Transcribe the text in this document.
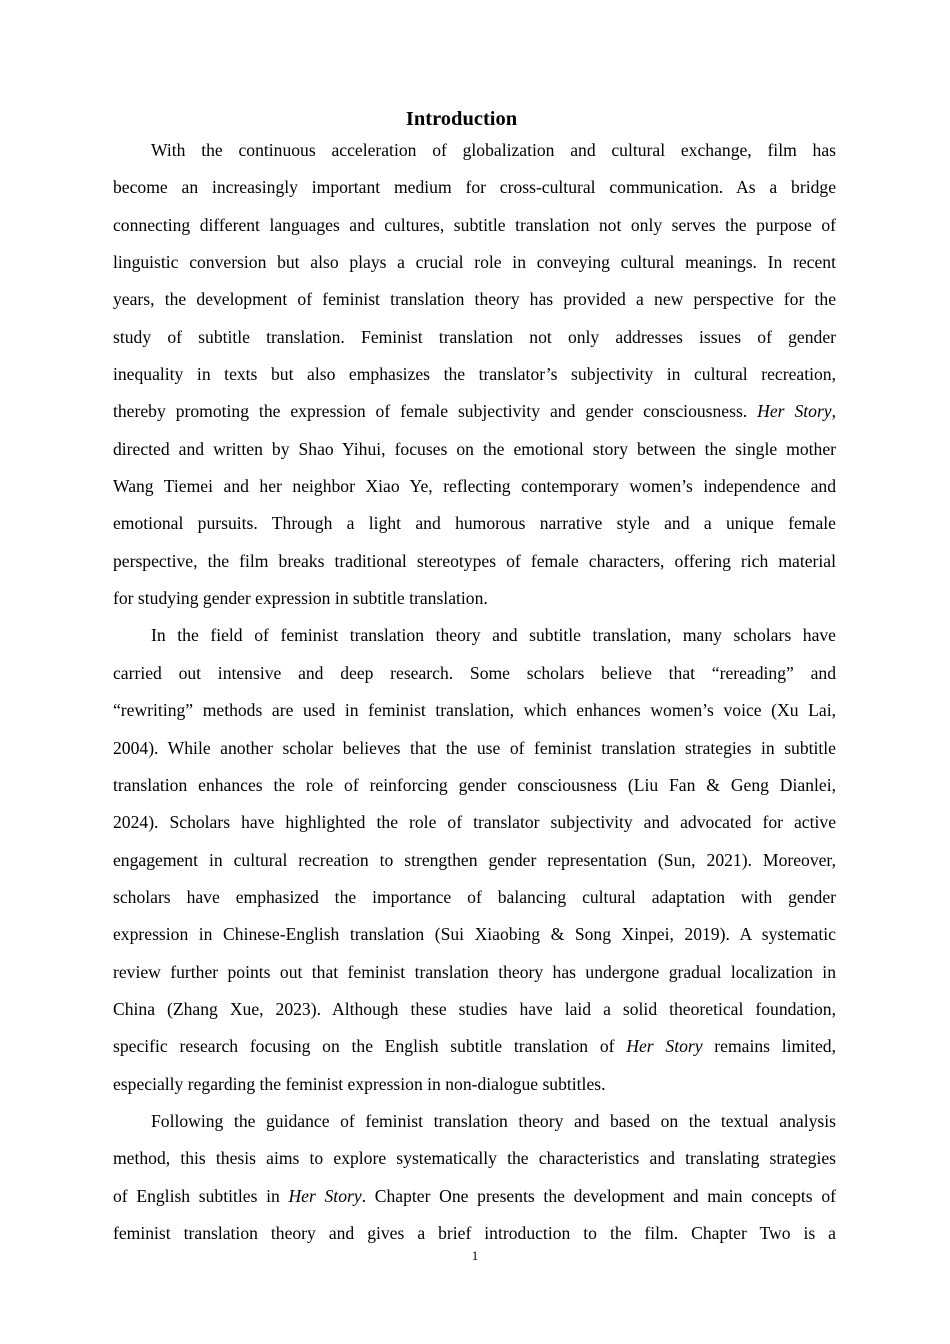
Introduction
With the continuous acceleration of globalization and cultural exchange, film has
become an increasingly important medium for cross-cultural communication. As a bridge
connecting different languages and cultures, subtitle translation not only serves the purpose of
linguistic conversion but also plays a crucial role in conveying cultural meanings. In recent
years, the development of feminist translation theory has provided a new perspective for the
study of subtitle translation. Feminist translation not only addresses issues of gender
inequality in texts but also emphasizes the translator’s subjectivity in cultural recreation,
thereby promoting the expression of female subjectivity and gender consciousness. Her Story,
directed and written by Shao Yihui, focuses on the emotional story between the single mother
Wang Tiemei and her neighbor Xiao Ye, reflecting contemporary women’s independence and
emotional pursuits. Through a light and humorous narrative style and a unique female
perspective, the film breaks traditional stereotypes of female characters, offering rich material
for studying gender expression in subtitle translation.
In the field of feminist translation theory and subtitle translation, many scholars have
carried out intensive and deep research. Some scholars believe that “rereading” and
“rewriting” methods are used in feminist translation, which enhances women’s voice (Xu Lai,
2004). While another scholar believes that the use of feminist translation strategies in subtitle
translation enhances the role of reinforcing gender consciousness (Liu Fan & Geng Dianlei,
2024). Scholars have highlighted the role of translator subjectivity and advocated for active
engagement in cultural recreation to strengthen gender representation (Sun, 2021). Moreover,
scholars have emphasized the importance of balancing cultural adaptation with gender
expression in Chinese-English translation (Sui Xiaobing & Song Xinpei, 2019). A systematic
review further points out that feminist translation theory has undergone gradual localization in
China (Zhang Xue, 2023). Although these studies have laid a solid theoretical foundation,
specific research focusing on the English subtitle translation of Her Story remains limited,
especially regarding the feminist expression in non-dialogue subtitles.
Following the guidance of feminist translation theory and based on the textual analysis
method, this thesis aims to explore systematically the characteristics and translating strategies
of English subtitles in Her Story. Chapter One presents the development and main concepts of
feminist translation theory and gives a brief introduction to the film. Chapter Two is a
1
